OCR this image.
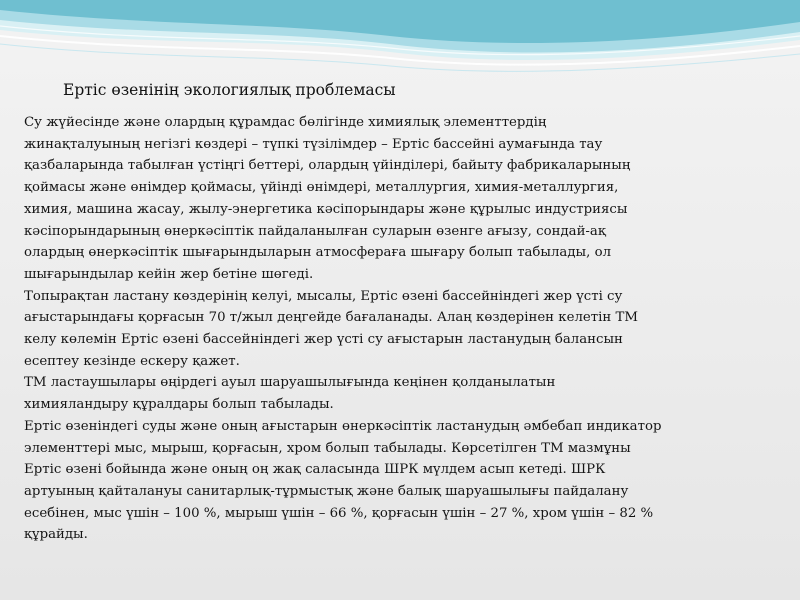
Ертіс өзенінің экологиялық проблемасы

Су жүйесінде және олардың құрамдас бөлігінде химиялық элементтердің
жинақталуының негізгі көздері – түпкі түзілімдер – Ертіс бассейні аумағында тау
қазбаларында табылған үстіңгі беттері, олардың үйінділері, байыту фабрикаларының
қоймасы және өнімдер қоймасы, үйінді өнімдері, металлургия, химия-металлургия,
химия, машина жасау, жылу-энергетика кәсіпорындары және құрылыс индустриясы
кәсіпорындарының өнеркәсіптік пайдаланылған суларын өзенге ағызу, сондай-ақ
олардың өнеркәсіптік шығарындыларын атмосфераға шығару болып табылады, ол
шығарындылар кейін жер бетіне шөгеді.

Топырақтан ластану көздерінің келуі, мысалы, Ертіс өзені бассейніндегі жер үсті су
ағыстарындағы қорғасын 70 т/жыл деңгейде бағаланады. Алаң көздерінен келетін ТМ
келу көлемін Ертіс өзені бассейніндегі жер үсті су ағыстарын ластанудың балансын
есептеу кезінде ескеру қажет.

ТМ ластаушылары өңірдегі ауыл шаруашылығында кеңінен қолданылатын
химияландыру құралдары болып табылады.

Ертіс өзеніндегі суды және оның ағыстарын өнеркәсіптік ластанудың әмбебап индикатор
элементтері мыс, мырыш, қорғасын, хром болып табылады. Көрсетілген ТМ мазмұны
Ертіс өзені бойында және оның оң жақ саласында ШРК мүлдем асып кетеді. ШРК
артуының қайталануы санитарлық-тұрмыстық және балық шаруашылығы пайдалану
есебінен, мыс үшін – 100 %, мырыш үшін – 66 %, қорғасын үшін – 27 %, хром үшін – 82 %
құрайды.
